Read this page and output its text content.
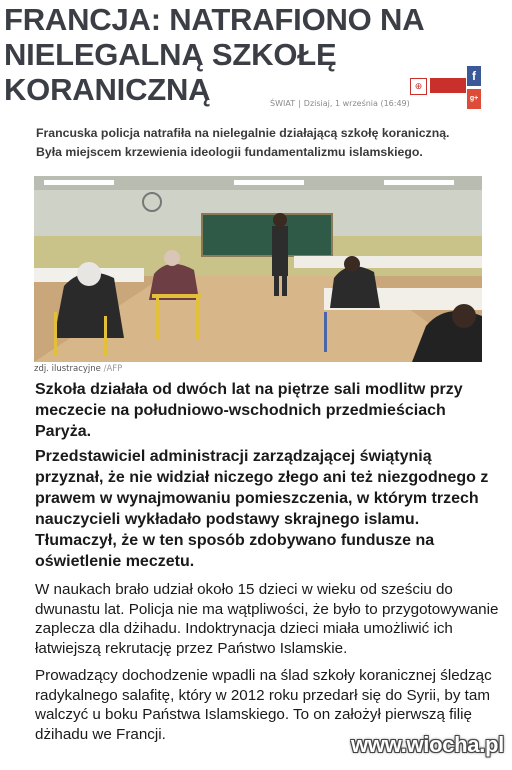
FRANCJA: NATRAFIONO NA NIELEGALNĄ SZKOŁĘ KORANICZNĄ	⊕
f
g+
ŚWIAT | Dzisiaj, 1 września (16:49)

Francuska policja natrafiła na nielegalnie działającą szkołę koraniczną. Była miejscem krzewienia ideologii fundamentalizmu islamskiego.

zdj. ilustracyjne /AFP

Szkoła działała od dwóch lat na piętrze sali modlitw przy meczecie na południowo-wschodnich przedmieściach Paryża.

Przedstawiciel administracji zarządzającej świątynią przyznał, że nie widział niczego złego ani też niezgodnego z prawem w wynajmowaniu pomieszczenia, w którym trzech nauczycieli wykładało podstawy skrajnego islamu. Tłumaczył, że w ten sposób zdobywano fundusze na oświetlenie meczetu.

W naukach brało udział około 15 dzieci w wieku od sześciu do dwunastu lat. Policja nie ma wątpliwości, że było to przygotowywanie zaplecza dla dżihadu. Indoktrynacja dzieci miała umożliwić ich łatwiejszą rekrutację przez Państwo Islamskie.

Prowadzący dochodzenie wpadli na ślad szkoły koranicznej śledząc radykalnego salafitę, który w 2012 roku przedarł się do Syrii, by tam walczyć u boku Państwa Islamskiego. To on założył pierwszą filię dżihadu we Francji.	www.wiocha.pl
